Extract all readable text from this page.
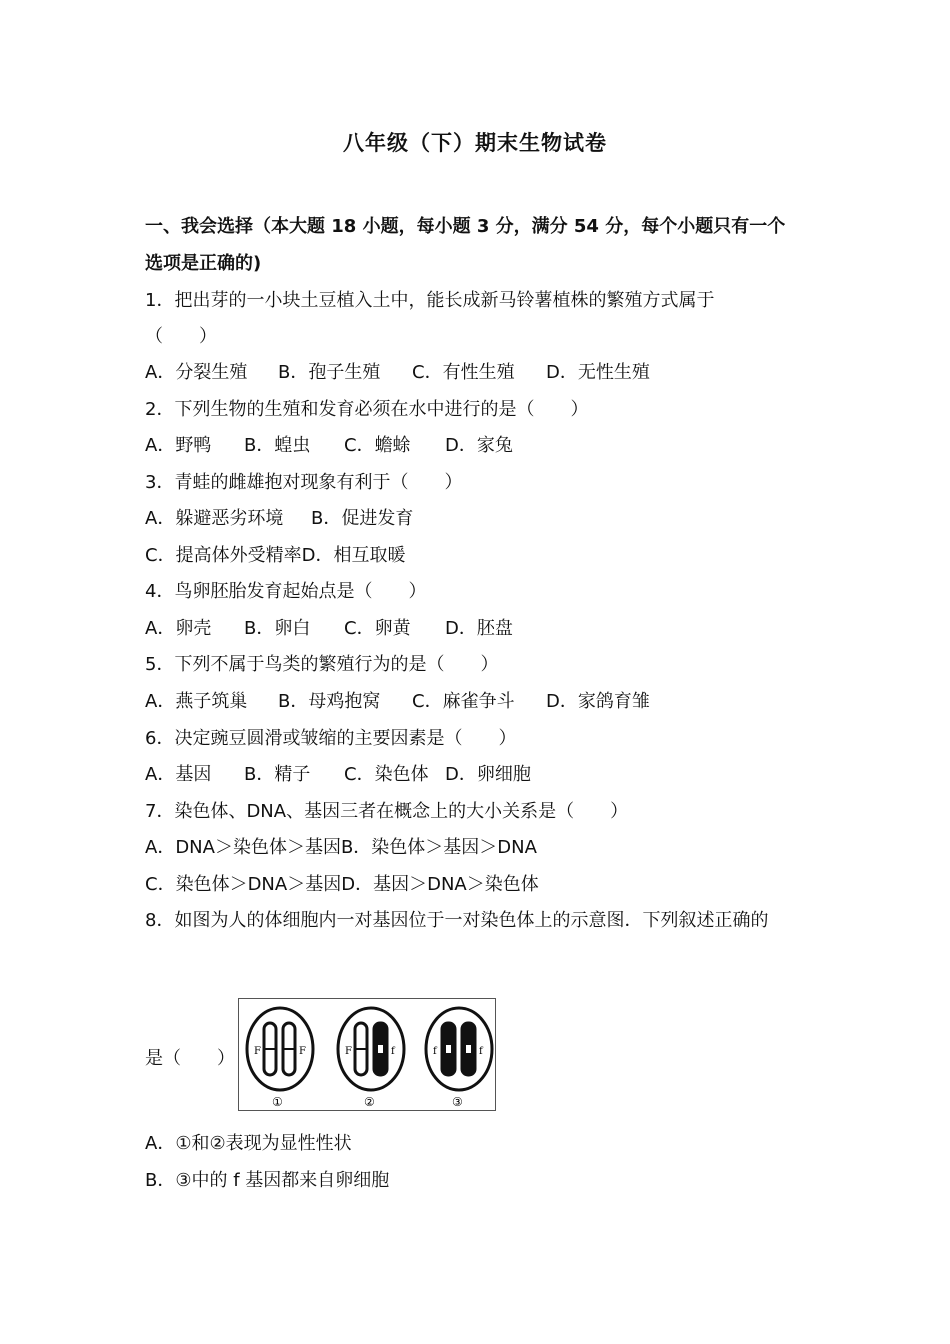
八年级（下）期末生物试卷
一、我会选择（本大题 18 小题，每小题 3 分，满分 54 分，每个小题只有一个
选项是正确的)
1．把出芽的一小块土豆植入土中，能长成新马铃薯植株的繁殖方式属于
（　　）
A．分裂生殖 B．孢子生殖 C．有性生殖 D．无性生殖
2．下列生物的生殖和发育必须在水中进行的是（　　）
A．野鸭 B．蝗虫 C．蟾蜍 D．家兔
3．青蛙的雌雄抱对现象有利于（　　）
A．躲避恶劣环境 B．促进发育
C．提高体外受精率D．相互取暖
4．鸟卵胚胎发育起始点是（　　）
A．卵壳 B．卵白 C．卵黄 D．胚盘
5．下列不属于鸟类的繁殖行为的是（　　）
A．燕子筑巢 B．母鸡抱窝 C．麻雀争斗 D．家鸽育雏
6．决定豌豆圆滑或皱缩的主要因素是（　　）
A．基因 B．精子 C．染色体 D．卵细胞
7．染色体、DNA、基因三者在概念上的大小关系是（　　）
A．DNA＞染色体＞基因B．染色体＞基因＞DNA
C．染色体＞DNA＞基因D．基因＞DNA＞染色体
8．如图为人的体细胞内一对基因位于一对染色体上的示意图．下列叙述正确的
是（　　） F	F
①
F	f
②
f	f
③
A．①和②表现为显性性状
B．③中的 f 基因都来自卵细胞
